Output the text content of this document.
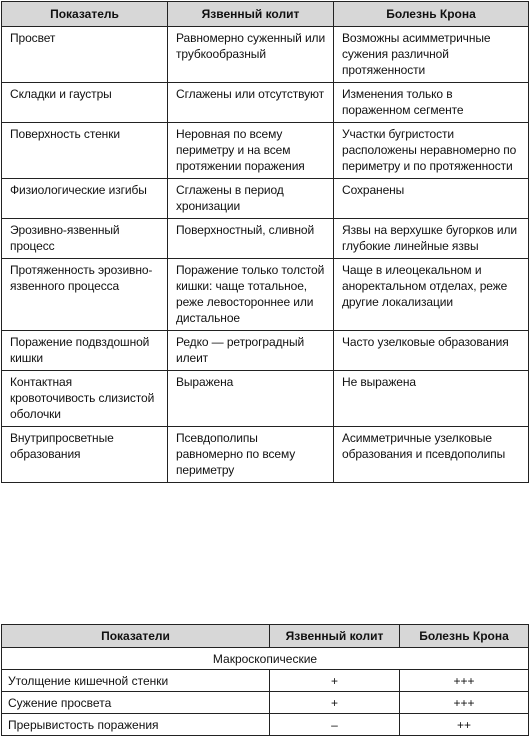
Показатель	Язвенный колит	Болезнь Крона
Просвет	Равномерно суженный или трубкообразный	Возможны асимметричные сужения различной протяженности
Складки и гаустры	Сглажены или отсутствуют	Изменения только в пораженном сегменте
Поверхность стенки	Неровная по всему периметру и на всем протяжении поражения	Участки бугристости расположены неравномерно по периметру и по протяженности
Физиологические изгибы	Сглажены в период хронизации	Сохранены
Эрозивно-язвенный процесс	Поверхностный, сливной	Язвы на верхушке бугорков или глубокие линейные язвы
Протяженность эрозивно-язвенного процесса	Поражение только толстой кишки: чаще тотальное, реже левостороннее или дистальное	Чаще в илеоцекальном и аноректальном отделах, реже другие локализации
Поражение подвздошной кишки	Редко — ретроградный илеит	Часто узелковые образования
Контактная кровоточивость слизистой оболочки	Выражена	Не выражена
Внутрипросветные образования	Псевдополипы равномерно по всему периметру	Асимметричные узелковые образования и псевдополипы
Показатели	Язвенный колит	Болезнь Крона
Макроскопические		
Утолщение кишечной стенки	+	+++
Сужение просвета	+	+++
Прерывистость поражения	–	++
